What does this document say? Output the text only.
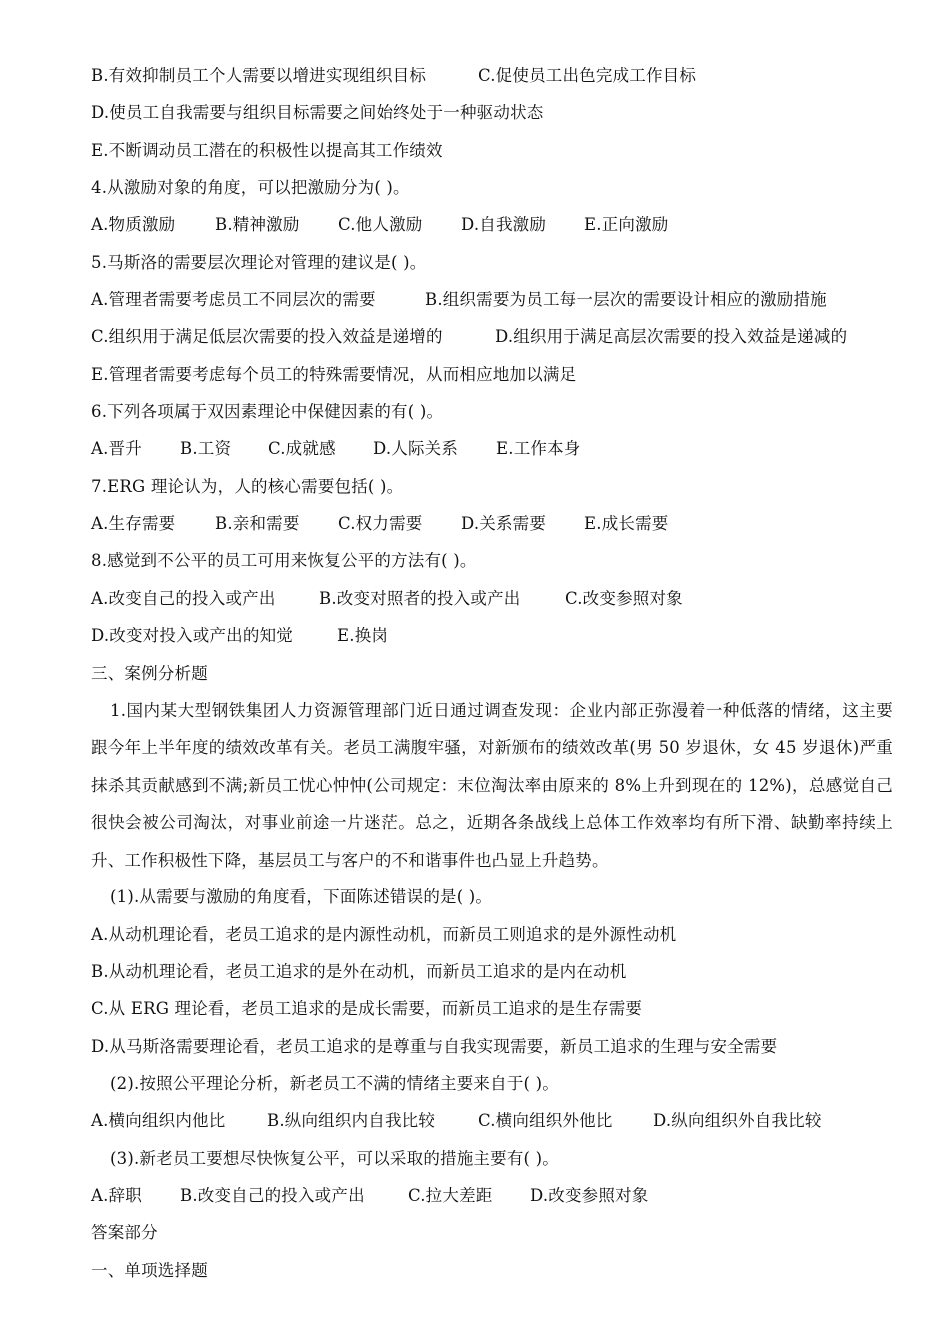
B.有效抑制员工个人需要以增进实现组织目标	C.促使员工出色完成工作目标
D.使员工自我需要与组织目标需要之间始终处于一种驱动状态
E.不断调动员工潜在的积极性以提高其工作绩效
4.从激励对象的角度，可以把激励分为( )。
A.物质激励 B.精神激励 C.他人激励 D.自我激励 E.正向激励
5.马斯洛的需要层次理论对管理的建议是( )。
A.管理者需要考虑员工不同层次的需要	B.组织需要为员工每一层次的需要设计相应的激励措施
C.组织用于满足低层次需要的投入效益是递增的	D.组织用于满足高层次需要的投入效益是递减的
E.管理者需要考虑每个员工的特殊需要情况，从而相应地加以满足
6.下列各项属于双因素理论中保健因素的有( )。
A.晋升 B.工资 C.成就感 D.人际关系 E.工作本身
7.ERG 理论认为，人的核心需要包括( )。
A.生存需要 B.亲和需要 C.权力需要 D.关系需要 E.成长需要
8.感觉到不公平的员工可用来恢复公平的方法有( )。
A.改变自己的投入或产出	B.改变对照者的投入或产出	C.改变参照对象
D.改变对投入或产出的知觉	E.换岗
三、案例分析题
1.国内某大型钢铁集团人力资源管理部门近日通过调查发现：企业内部正弥漫着一种低落的情绪，这主要跟今年上半年度的绩效改革有关。老员工满腹牢骚，对新颁布的绩效改革(男 50 岁退休，女 45 岁退休)严重抹杀其贡献感到不满;新员工忧心忡忡(公司规定：末位淘汰率由原来的 8%上升到现在的 12%)，总感觉自己很快会被公司淘汰，对事业前途一片迷茫。总之，近期各条战线上总体工作效率均有所下滑、缺勤率持续上升、工作积极性下降，基层员工与客户的不和谐事件也凸显上升趋势。
(1).从需要与激励的角度看，下面陈述错误的是( )。
A.从动机理论看，老员工追求的是内源性动机，而新员工则追求的是外源性动机
B.从动机理论看，老员工追求的是外在动机，而新员工追求的是内在动机
C.从 ERG 理论看，老员工追求的是成长需要，而新员工追求的是生存需要
D.从马斯洛需要理论看，老员工追求的是尊重与自我实现需要，新员工追求的生理与安全需要
(2).按照公平理论分析，新老员工不满的情绪主要来自于( )。
A.横向组织内他比	B.纵向组织内自我比较	C.横向组织外他比 D.纵向组织外自我比较
(3).新老员工要想尽快恢复公平，可以采取的措施主要有( )。
A.辞职 B.改变自己的投入或产出	C.拉大差距 D.改变参照对象
答案部分
一、单项选择题
